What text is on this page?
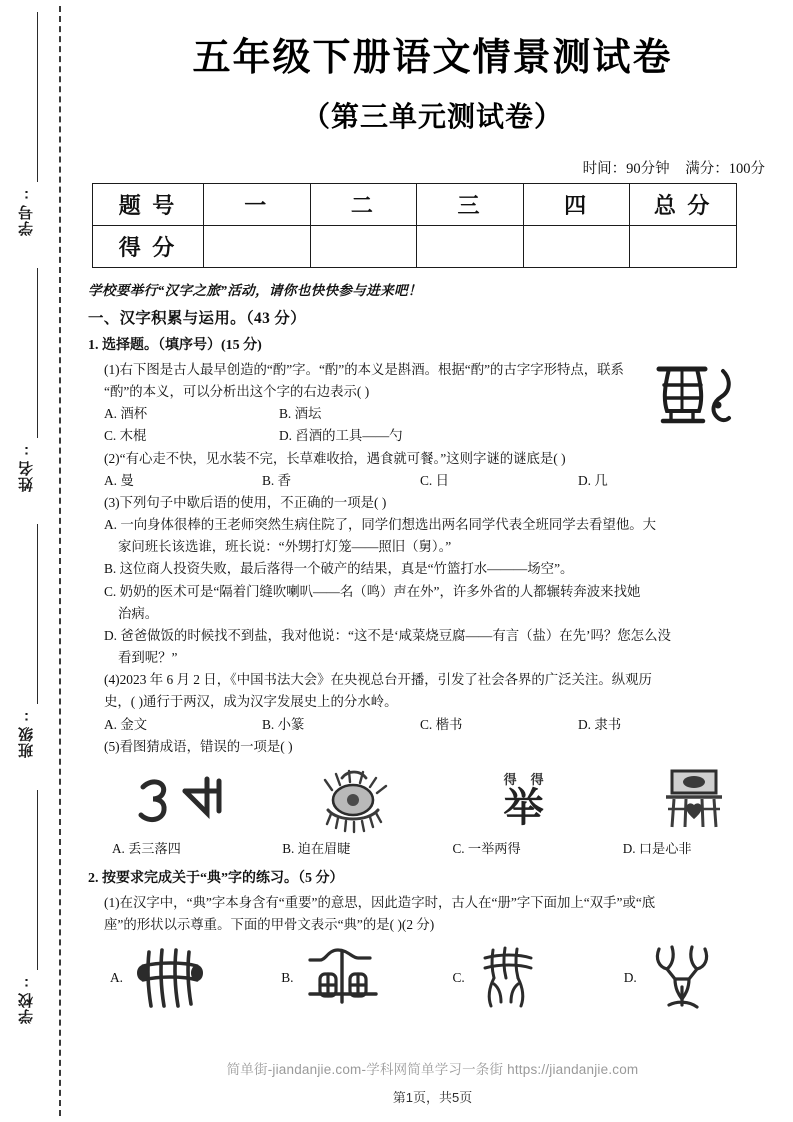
学号:
姓名:
班级:
学校:
五年级下册语文情景测试卷
（第三单元测试卷）
时间：90分钟 满分：100分
题 号	一	二	三	四	总 分
得 分					
学校要举行“汉字之旅”活动，请你也快快参与进来吧！
一、汉字积累与运用。（43 分）
1. 选择题。（填序号）(15 分)
(1)右下图是古人最早创造的“酌”字。“酌”的本义是斟酒。根据“酌”的古字字形特点，联系
“酌”的本义，可以分析出这个字的右边表示( )
A. 酒杯	B. 酒坛
C. 木棍	D. 舀酒的工具——勺
(2)“有心走不快，见水装不完，长草难收拾，遇食就可餐。”这则字谜的谜底是( )
A. 曼	B. 香	C. 日	D. 几
(3)下列句子中歇后语的使用，不正确的一项是( )
A. 一向身体很棒的王老师突然生病住院了，同学们想选出两名同学代表全班同学去看望他。大
家问班长该选谁，班长说：“外甥打灯笼——照旧（舅）。”
B. 这位商人投资失败，最后落得一个破产的结果，真是“竹篮打水———场空”。
C. 奶奶的医术可是“隔着门缝吹喇叭——名（鸣）声在外”，许多外省的人都辗转奔波来找她
治病。
D. 爸爸做饭的时候找不到盐，我对他说：“这不是‘咸菜烧豆腐——有言（盐）在先’吗？您怎么没
看到呢？”
(4)2023 年 6 月 2 日，《中国书法大会》在央视总台开播，引发了社会各界的广泛关注。纵观历
史，( )通行于两汉，成为汉字发展史上的分水岭。
A. 金文	B. 小篆	C. 楷书	D. 隶书
(5)看图猜成语，错误的一项是( )
A. 丢三落四	B. 迫在眉睫
得得
举
C. 一举两得	D. 口是心非
2. 按要求完成关于“典”字的练习。（5 分）
(1)在汉字中，“典”字本身含有“重要”的意思，因此造字时，古人在“册”字下面加上“双手”或“底
座”的形状以示尊重。下面的甲骨文表示“典”的是( )(2 分)
A.	B.	C.	D.
简单街-jiandanjie.com-学科网简单学习一条街 https://jiandanjie.com
第1页，共5页
